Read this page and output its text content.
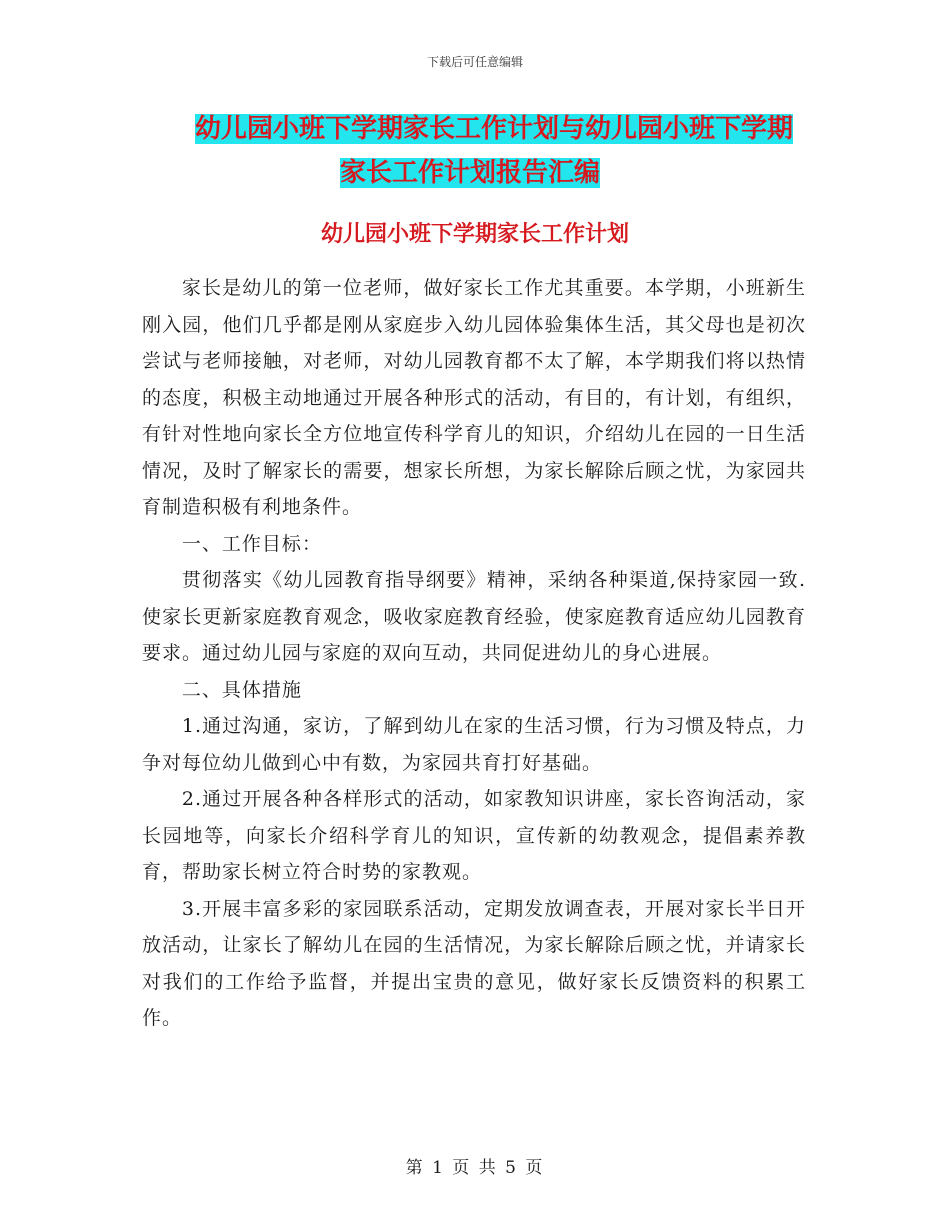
下载后可任意编辑
幼儿园小班下学期家长工作计划与幼儿园小班下学期
家长工作计划报告汇编
幼儿园小班下学期家长工作计划

家长是幼儿的第一位老师，做好家长工作尤其重要。本学期，小班新生刚入园，他们几乎都是刚从家庭步入幼儿园体验集体生活，其父母也是初次尝试与老师接触，对老师，对幼儿园教育都不太了解，本学期我们将以热情的态度，积极主动地通过开展各种形式的活动，有目的，有计划，有组织，有针对性地向家长全方位地宣传科学育儿的知识，介绍幼儿在园的一日生活情况，及时了解家长的需要，想家长所想，为家长解除后顾之忧，为家园共育制造积极有利地条件。

一、工作目标：

贯彻落实《幼儿园教育指导纲要》精神，采纳各种渠道,保持家园一致.使家长更新家庭教育观念，吸收家庭教育经验，使家庭教育适应幼儿园教育要求。通过幼儿园与家庭的双向互动，共同促进幼儿的身心进展。

二、具体措施

1.通过沟通，家访，了解到幼儿在家的生活习惯，行为习惯及特点，力争对每位幼儿做到心中有数，为家园共育打好基础。

2.通过开展各种各样形式的活动，如家教知识讲座，家长咨询活动，家长园地等，向家长介绍科学育儿的知识，宣传新的幼教观念，提倡素养教育，帮助家长树立符合时势的家教观。

3.开展丰富多彩的家园联系活动，定期发放调查表，开展对家长半日开放活动，让家长了解幼儿在园的生活情况，为家长解除后顾之忧，并请家长对我们的工作给予监督，并提出宝贵的意见，做好家长反馈资料的积累工作。

第 1 页 共 5 页
